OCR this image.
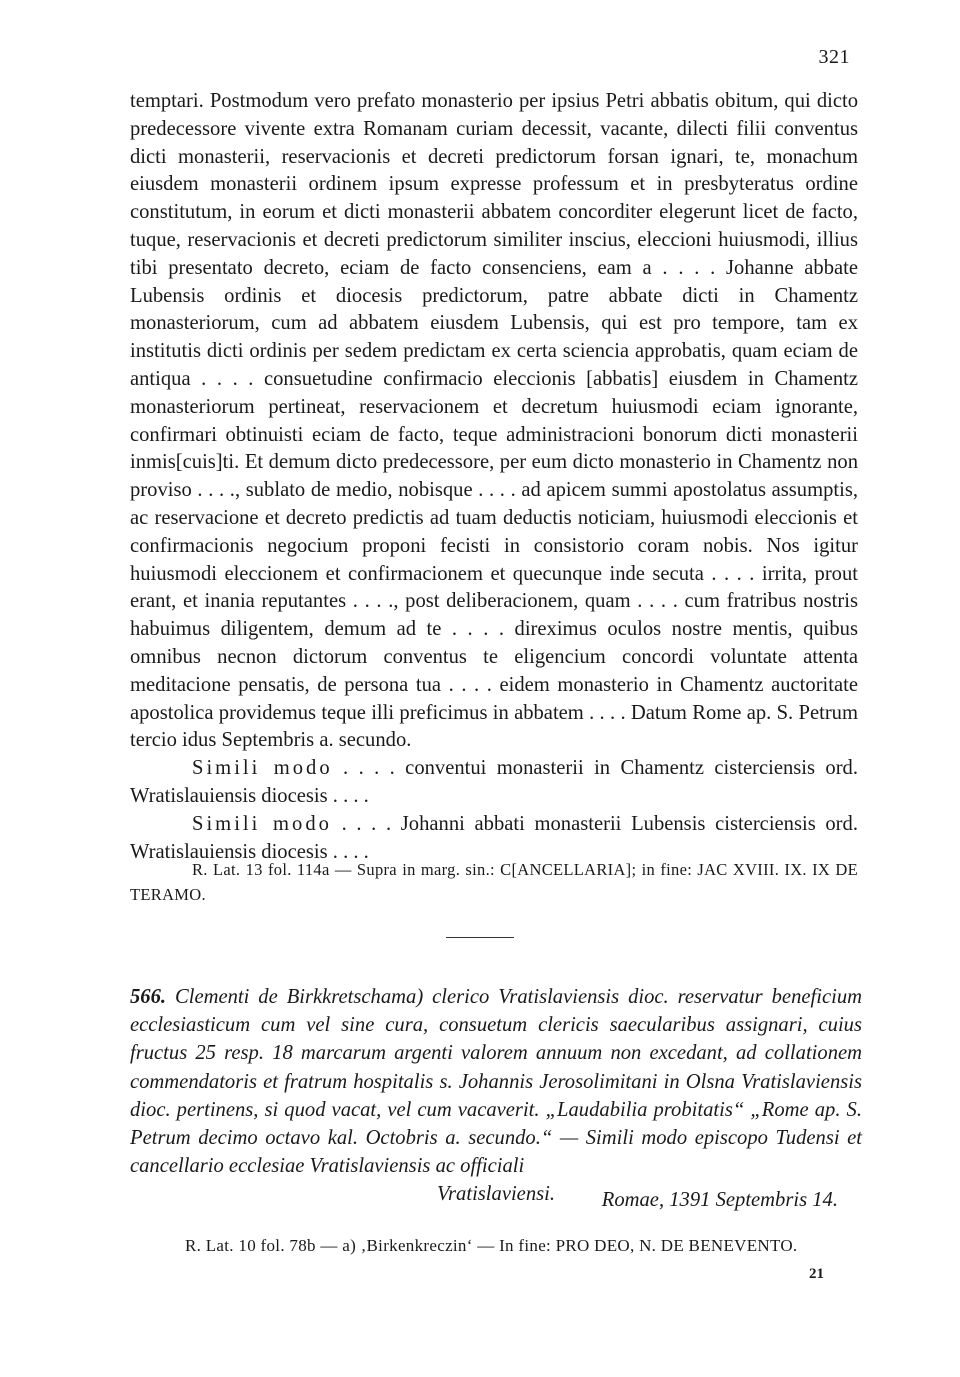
321

temptari. Postmodum vero prefato monasterio per ipsius Petri abbatis obitum, qui dicto predecessore vivente extra Romanam curiam decessit, vacante, dilecti filii conventus dicti monasterii, reservacionis et decreti predictorum forsan ignari, te, monachum eiusdem monasterii ordinem ipsum expresse professum et in presbyteratus ordine constitutum, in eorum et dicti monasterii abbatem concorditer elegerunt licet de facto, tuque, reservacionis et decreti predictorum similiter inscius, eleccioni huiusmodi, illius tibi presentato decreto, eciam de facto consenciens, eam a . . . . Johanne abbate Lubensis ordinis et diocesis predictorum, patre abbate dicti in Chamentz monasteriorum, cum ad abbatem eiusdem Lubensis, qui est pro tempore, tam ex institutis dicti ordinis per sedem predictam ex certa sciencia approbatis, quam eciam de antiqua . . . . consuetudine confirmacio eleccionis [abbatis] eiusdem in Chamentz monasteriorum pertineat, reservacionem et decretum huiusmodi eciam ignorante, confirmari obtinuisti eciam de facto, teque administracioni bonorum dicti monasterii inmis[cuis]ti. Et demum dicto predecessore, per eum dicto monasterio in Chamentz non proviso . . . ., sublato de medio, nobisque . . . . ad apicem summi apostolatus assumptis, ac reservacione et decreto predictis ad tuam deductis noticiam, huiusmodi eleccionis et confirmacionis negocium proponi fecisti in consistorio coram nobis. Nos igitur huiusmodi eleccionem et confirmacionem et quecunque inde secuta . . . . irrita, prout erant, et inania reputantes . . . ., post deliberacionem, quam . . . . cum fratribus nostris habuimus diligentem, demum ad te . . . . direximus oculos nostre mentis, quibus omnibus necnon dictorum conventus te eligencium concordi voluntate attenta meditacione pensatis, de persona tua . . . . eidem monasterio in Chamentz auctoritate apostolica providemus teque illi preficimus in abbatem . . . . Datum Rome ap. S. Petrum tercio idus Septembris a. secundo.

Simili modo . . . . conventui monasterii in Chamentz cisterciensis ord. Wratislauiensis diocesis . . . .

Simili modo . . . . Johanni abbati monasterii Lubensis cisterciensis ord. Wratislauiensis diocesis . . . .

R. Lat. 13 fol. 114a — Supra in marg. sin.: C[ANCELLARIA]; in fine: JAC XVIII. IX. IX DE TERAMO.
566. Clementi de Birkkretschama) clerico Vratislaviensis dioc. reservatur beneficium ecclesiasticum cum vel sine cura, consuetum clericis saecularibus assignari, cuius fructus 25 resp. 18 marcarum argenti valorem annuum non excedant, ad collationem commendatoris et fratrum hospitalis s. Johannis Jerosolimitani in Olsna Vratislaviensis dioc. pertinens, si quod vacat, vel cum vacaverit. „Laudabilia probitatis“ „Rome ap. S. Petrum decimo octavo kal. Octobris a. secundo.“ — Simili modo episcopo Tudensi et cancellario ecclesiae Vratislaviensis ac officiali
Vratislaviensi.	Romae, 1391 Septembris 14.
R. Lat. 10 fol. 78b — a) ‚Birkenkreczin‘ — In fine: PRO DEO, N. DE BENEVENTO.
21
